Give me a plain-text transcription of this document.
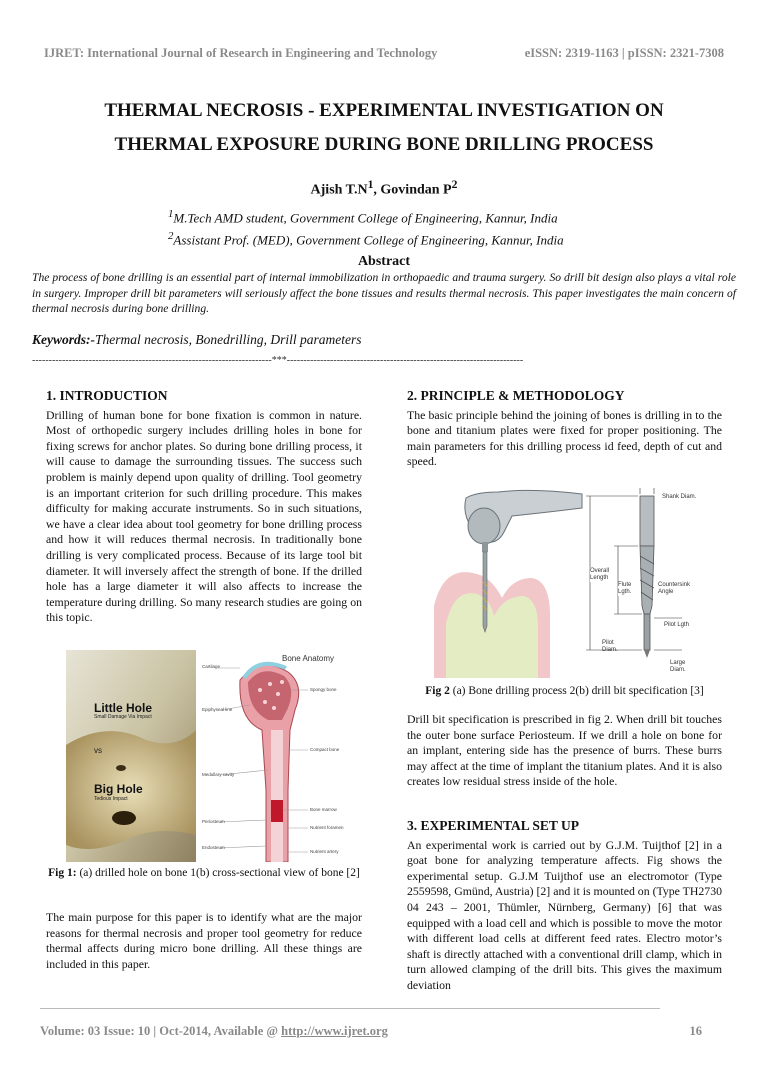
IJRET: International Journal of Research in Engineering and Technology	eISSN: 2319-1163 | pISSN: 2321-7308
THERMAL NECROSIS - EXPERIMENTAL INVESTIGATION ON
THERMAL EXPOSURE DURING BONE DRILLING PROCESS
Ajish $T.N^1$, Govindan $P^2$
$^1$M.Tech AMD student, Government College of Engineering, Kannur, India
$^2$Assistant Prof. (MED), Government College of Engineering, Kannur, India
Abstract
The process of bone drilling is an essential part of internal immobilization in orthopaedic and trauma surgery. So drill bit design also plays a vital role in surgery. Improper drill bit parameters will seriously affect the bone tissues and results thermal necrosis. This paper investigates the main concern of thermal necrosis during bone drilling.
Keywords:-Thermal necrosis, Bonedrilling, Drill parameters
------------------------------------------------------------------------***-----------------------------------------------------------------------
1. INTRODUCTION
Drilling of human bone for bone fixation is common in nature. Most of orthopedic surgery includes drilling holes in bone for fixing screws for anchor plates. So during bone drilling process, it will cause to damage the surrounding tissues. The success such problem is mainly depend upon quality of drilling. Tool geometry is an important criterion for such drilling procedure. This makes difficulty for making accurate instruments. So in such situations, we have a clear idea about tool geometry for bone drilling process and how it will reduces thermal necrosis. In traditionally bone drilling is very complicated process. Because of its large tool bit diameter. It will inversely affect the strength of bone. If the drilled hole has a large diameter it will also affects to increase the temperature during drilling. So many research studies are going on this topic.
Little Hole
Small Damage Via Impact
vs
Big Hole
Tedious Impact
Bone Anatomy
Cartilage
Spongy bone
Epiphyseal line
Compact bone
Medullary cavity
Bone marrow
Periosteum
Nutrient foramen
Endosteum
Nutrient artery
Fig 1: (a) drilled hole on bone 1(b) cross-sectional view of bone [2]
The main purpose for this paper is to identify what are the major reasons for thermal necrosis and proper tool geometry for reduce thermal affects during micro bone drilling. All these things are included in this paper.
2. PRINCIPLE & METHODOLOGY
The basic principle behind the joining of bones is drilling in to the bone and titanium plates were fixed for proper positioning. The main parameters for this drilling process id feed, depth of cut and speed.
Shank Diam.
Overall Length
Flute Lgth.
Countersink Angle
Pilot Lgth
Pilot Diam.
Large Diam.
Fig 2 (a) Bone drilling process 2(b) drill bit specification [3]
Drill bit specification is prescribed in fig 2. When drill bit touches the outer bone surface Periosteum. If we drill a hole on bone for an implant, entering side has the presence of burrs. These burrs may affect at the time of implant the titanium plates. And it is also creates low residual stress inside of the hole.
3. EXPERIMENTAL SET UP
An experimental work is carried out by G.J.M. Tuijthof [2] in a goat bone for analyzing temperature affects. Fig shows the experimental setup. G.J.M Tuijthof use an electromotor (Type 2559598, Gmünd, Austria) [2] and it is mounted on (Type TH2730 04 243 – 2001, Thümler, Nürnberg, Germany) [6] that was equipped with a load cell and which is possible to move the motor with different load cells at different feed rates. Electro motor’s shaft is directly attached with a conventional drill clamp, which in turn allowed clamping of the drill bits. This gives the maximum deviation
Volume: 03 Issue: 10 | Oct-2014, Available @ http://www.ijret.org	16
